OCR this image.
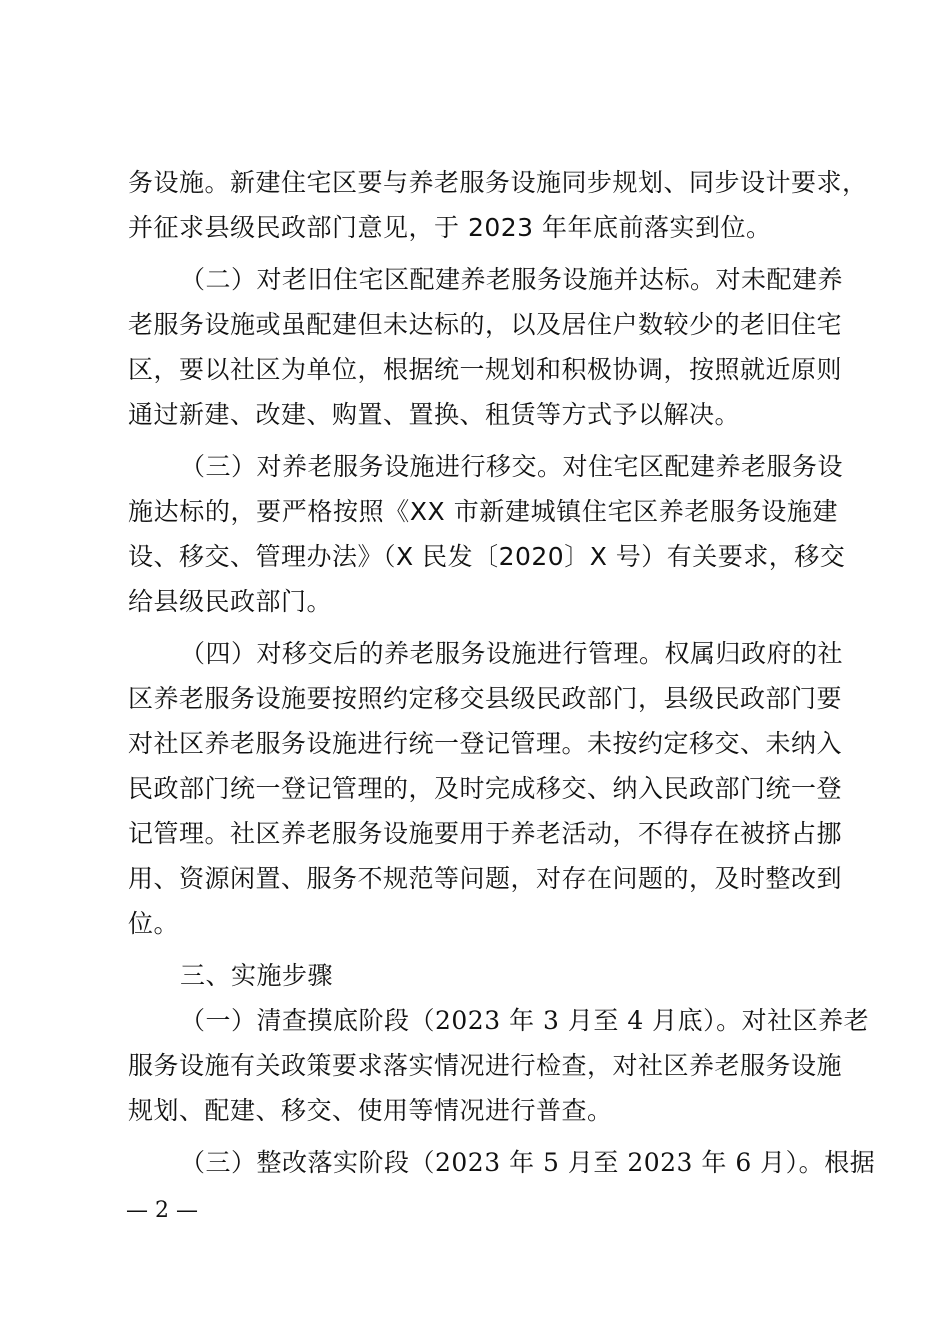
务设施。新建住宅区要与养老服务设施同步规划、同步设计要求，
并征求县级民政部门意见，于 2023 年年底前落实到位。
（二）对老旧住宅区配建养老服务设施并达标。对未配建养
老服务设施或虽配建但未达标的，以及居住户数较少的老旧住宅
区，要以社区为单位，根据统一规划和积极协调，按照就近原则
通过新建、改建、购置、置换、租赁等方式予以解决。
（三）对养老服务设施进行移交。对住宅区配建养老服务设
施达标的，要严格按照《XX 市新建城镇住宅区养老服务设施建
设、移交、管理办法》（X 民发〔2020〕X 号）有关要求，移交
给县级民政部门。
（四）对移交后的养老服务设施进行管理。权属归政府的社
区养老服务设施要按照约定移交县级民政部门，县级民政部门要
对社区养老服务设施进行统一登记管理。未按约定移交、未纳入
民政部门统一登记管理的，及时完成移交、纳入民政部门统一登
记管理。社区养老服务设施要用于养老活动，不得存在被挤占挪
用、资源闲置、服务不规范等问题，对存在问题的，及时整改到
位。
三、实施步骤
（一）清查摸底阶段（2023 年 3 月至 4 月底）。对社区养老
服务设施有关政策要求落实情况进行检查，对社区养老服务设施
规划、配建、移交、使用等情况进行普查。
（三）整改落实阶段（2023 年 5 月至 2023 年 6 月）。根据
— 2 —
